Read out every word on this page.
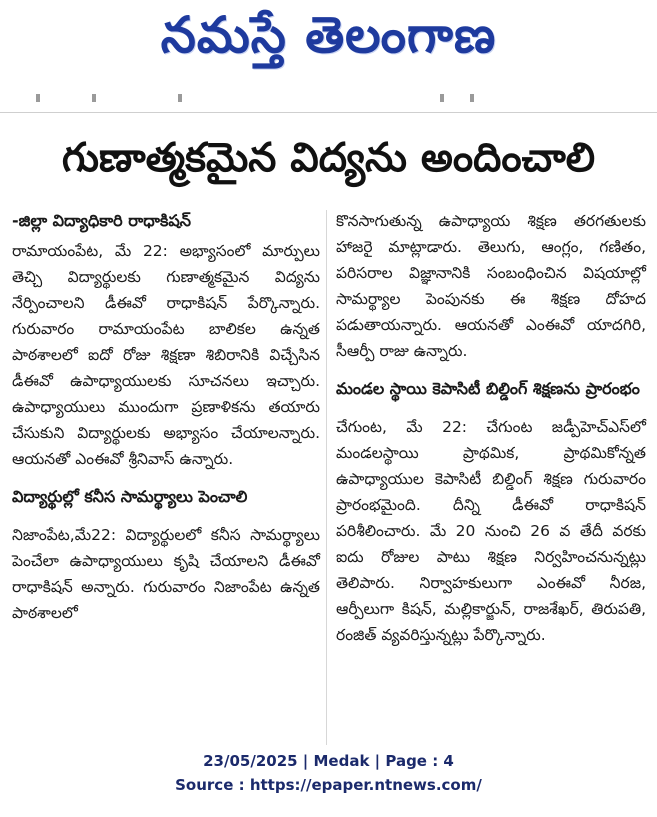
నమస్తే తెలంగాణ
గుణాత్మకమైన విద్యను అందించాలి

-జిల్లా విద్యాధికారి రాధాకిషన్

రామాయంపేట, మే 22: అభ్యాసంలో మార్పులు తెచ్చి విద్యార్థులకు గుణాత్మకమైన విద్యను నేర్పించాలని డీఈవో రాధాకిషన్ పేర్కొన్నారు. గురువారం రామాయంపేట బాలికల ఉన్నత పాఠశాలలో ఐదో రోజు శిక్షణా శిబిరానికి విచ్చేసిన డీఈవో ఉపాధ్యాయులకు సూచనలు ఇచ్చారు. ఉపాధ్యాయులు ముందుగా ప్రణాళికను తయారు చేసుకుని విద్యార్థులకు అభ్యాసం చేయాలన్నారు. ఆయనతో ఎంఈవో శ్రీనివాస్ ఉన్నారు.

విద్యార్థుల్లో కనీస సామర్థ్యాలు పెంచాలి

నిజాంపేట,మే22: విద్యార్థులలో కనీస సామర్థ్యాలు పెంచేలా ఉపాధ్యాయులు కృషి చేయాలని డీఈవో రాధాకిషన్ అన్నారు. గురువారం నిజాంపేట ఉన్నత పాఠశాలలో

కొనసాగుతున్న ఉపాధ్యాయ శిక్షణ తరగతులకు హాజరై మాట్లాడారు. తెలుగు, ఆంగ్లం, గణితం, పరిసరాల విజ్ఞానానికి సంబంధించిన విషయాల్లో సామర్థ్యాల పెంపునకు ఈ శిక్షణ దోహద పడుతాయన్నారు. ఆయనతో ఎంఈవో యాదగిరి, సీఆర్పీ రాజు ఉన్నారు.

మండల స్థాయి కెపాసిటీ బిల్డింగ్ శిక్షణను ప్రారంభం

చేగుంట, మే 22: చేగుంట జడ్పీహెచ్ఎస్‌లో మండలస్థాయి ప్రాథమిక, ప్రాథమికోన్నత ఉపాధ్యాయుల కెపాసిటీ బిల్డింగ్ శిక్షణ గురువారం ప్రారంభమైంది. దీన్ని డీఈవో రాధాకిషన్ పరిశీలించారు. మే 20 నుంచి 26 వ తేదీ వరకు ఐదు రోజుల పాటు శిక్షణ నిర్వహించనున్నట్లు తెలిపారు. నిర్వాహకులుగా ఎంఈవో నీరజ, ఆర్పీలుగా కిషన్, మల్లికార్జున్, రాజశేఖర్, తిరుపతి, రంజిత్ వ్యవరిస్తున్నట్లు పేర్కొన్నారు.

23/05/2025 | Medak | Page : 4
Source : https://epaper.ntnews.com/
